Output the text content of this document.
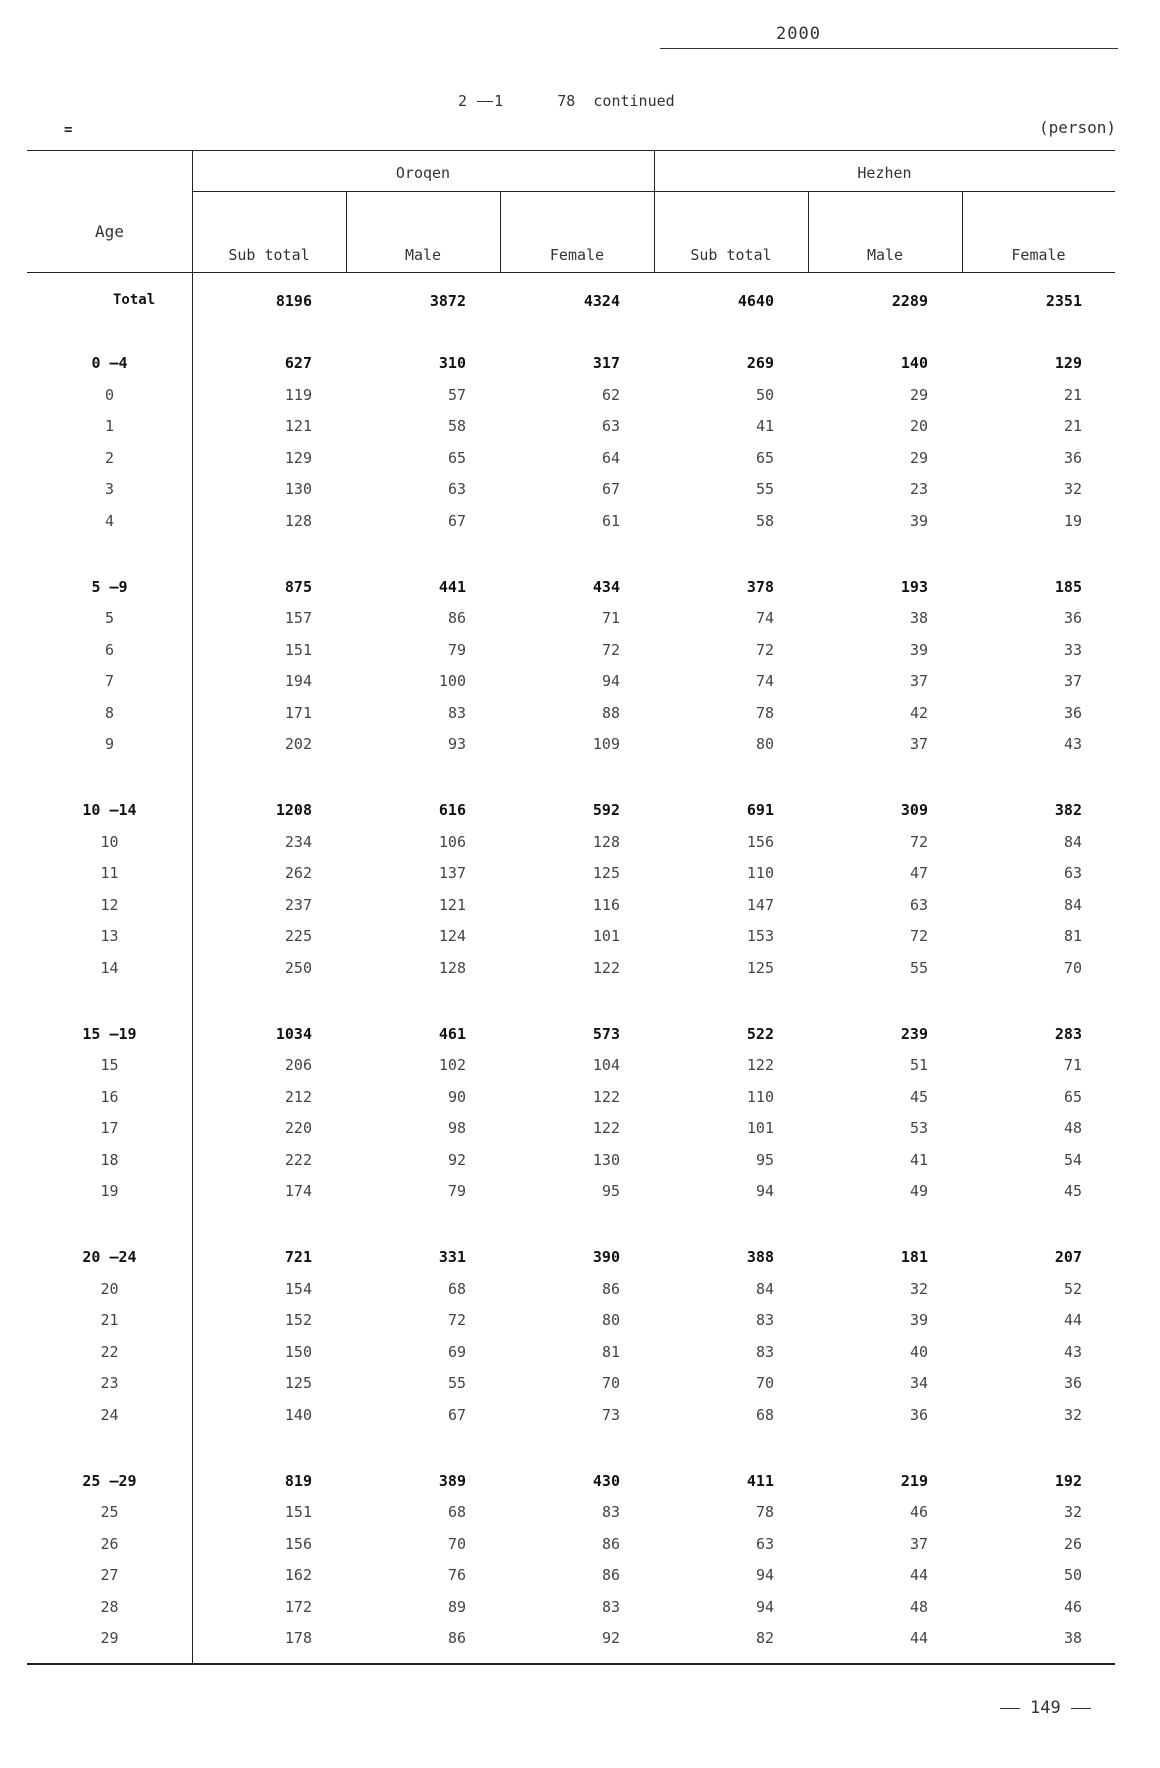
2000
2 1	78 continued
=	(person)
Age
Oroqen	Hezhen
Sub total	Male	Female	Sub total	Male	Female
Total	8196	3872	4324	4640	2289	2351
0 —4	627	310	317	269	140	129
0	119	57	62	50	29	21
1	121	58	63	41	20	21
2	129	65	64	65	29	36
3	130	63	67	55	23	32
4	128	67	61	58	39	19
5 —9	875	441	434	378	193	185
5	157	86	71	74	38	36
6	151	79	72	72	39	33
7	194	100	94	74	37	37
8	171	83	88	78	42	36
9	202	93	109	80	37	43
10 —14	1208	616	592	691	309	382
10	234	106	128	156	72	84
11	262	137	125	110	47	63
12	237	121	116	147	63	84
13	225	124	101	153	72	81
14	250	128	122	125	55	70
15 —19	1034	461	573	522	239	283
15	206	102	104	122	51	71
16	212	90	122	110	45	65
17	220	98	122	101	53	48
18	222	92	130	95	41	54
19	174	79	95	94	49	45
20 —24	721	331	390	388	181	207
20	154	68	86	84	32	52
21	152	72	80	83	39	44
22	150	69	81	83	40	43
23	125	55	70	70	34	36
24	140	67	73	68	36	32
25 —29	819	389	430	411	219	192
25	151	68	83	78	46	32
26	156	70	86	63	37	26
27	162	76	86	94	44	50
28	172	89	83	94	48	46
29	178	86	92	82	44	38
149
